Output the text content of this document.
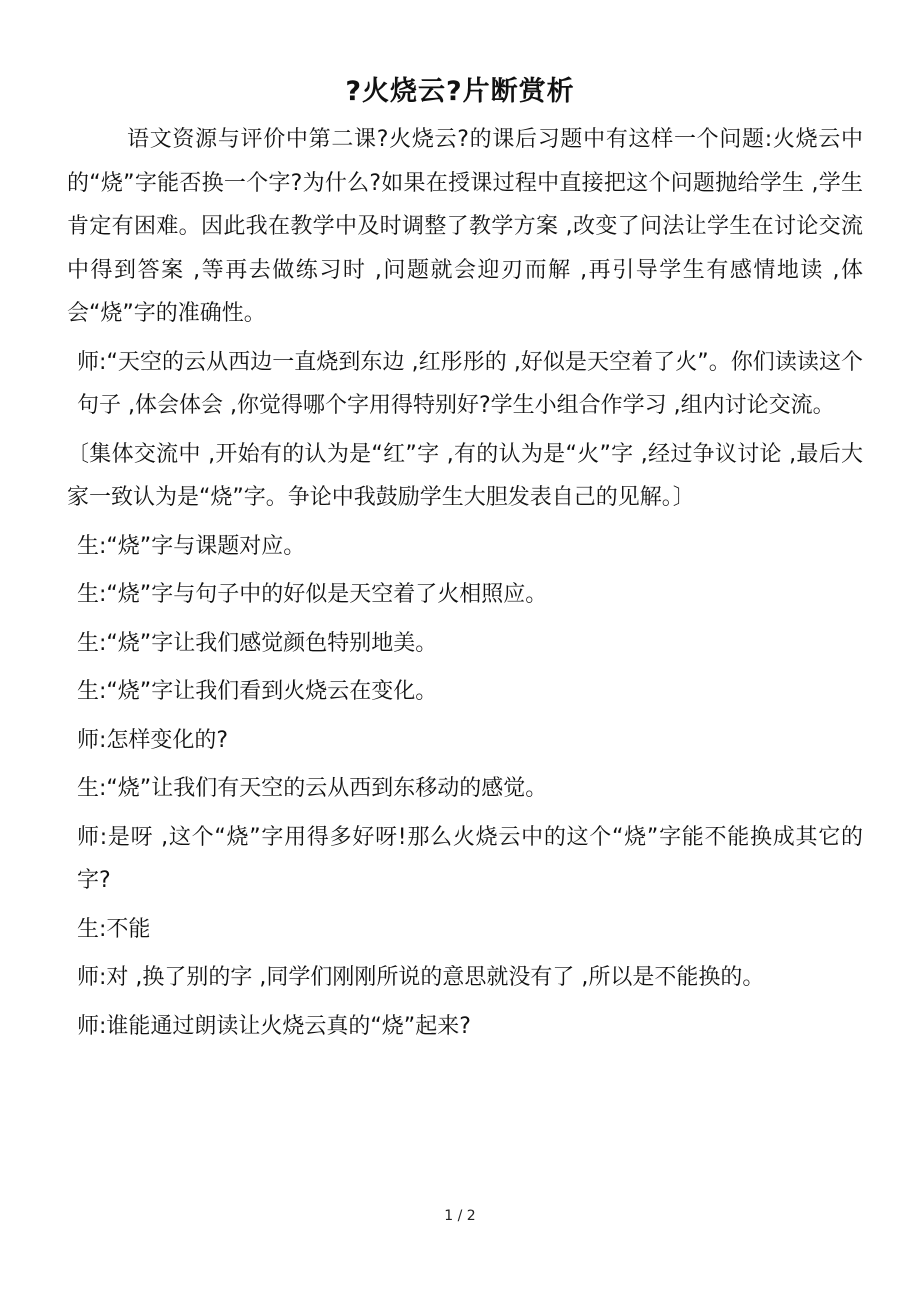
?火烧云?片断赏析

语文资源与评价中第二课?火烧云?的课后习题中有这样一个问题:火烧云中的“烧”字能否换一个字?为什么?如果在授课过程中直接把这个问题抛给学生 ,学生肯定有困难。因此我在教学中及时调整了教学方案 ,改变了问法让学生在讨论交流中得到答案 ,等再去做练习时 ,问题就会迎刃而解 ,再引导学生有感情地读 ,体会“烧”字的准确性。

师:“天空的云从西边一直烧到东边 ,红彤彤的 ,好似是天空着了火”。你们读读这个句子 ,体会体会 ,你觉得哪个字用得特别好?学生小组合作学习 ,组内讨论交流。

〔集体交流中 ,开始有的认为是“红”字 ,有的认为是“火”字 ,经过争议讨论 ,最后大家一致认为是“烧”字。争论中我鼓励学生大胆发表自己的见解。〕

生:“烧”字与课题对应。

生:“烧”字与句子中的好似是天空着了火相照应。

生:“烧”字让我们感觉颜色特别地美。

生:“烧”字让我们看到火烧云在变化。

师:怎样变化的?

生:“烧”让我们有天空的云从西到东移动的感觉。

师:是呀 ,这个“烧”字用得多好呀!那么火烧云中的这个“烧”字能不能换成其它的字?

生:不能

师:对 ,换了别的字 ,同学们刚刚所说的意思就没有了 ,所以是不能换的。

师:谁能通过朗读让火烧云真的“烧”起来?

1 / 2
